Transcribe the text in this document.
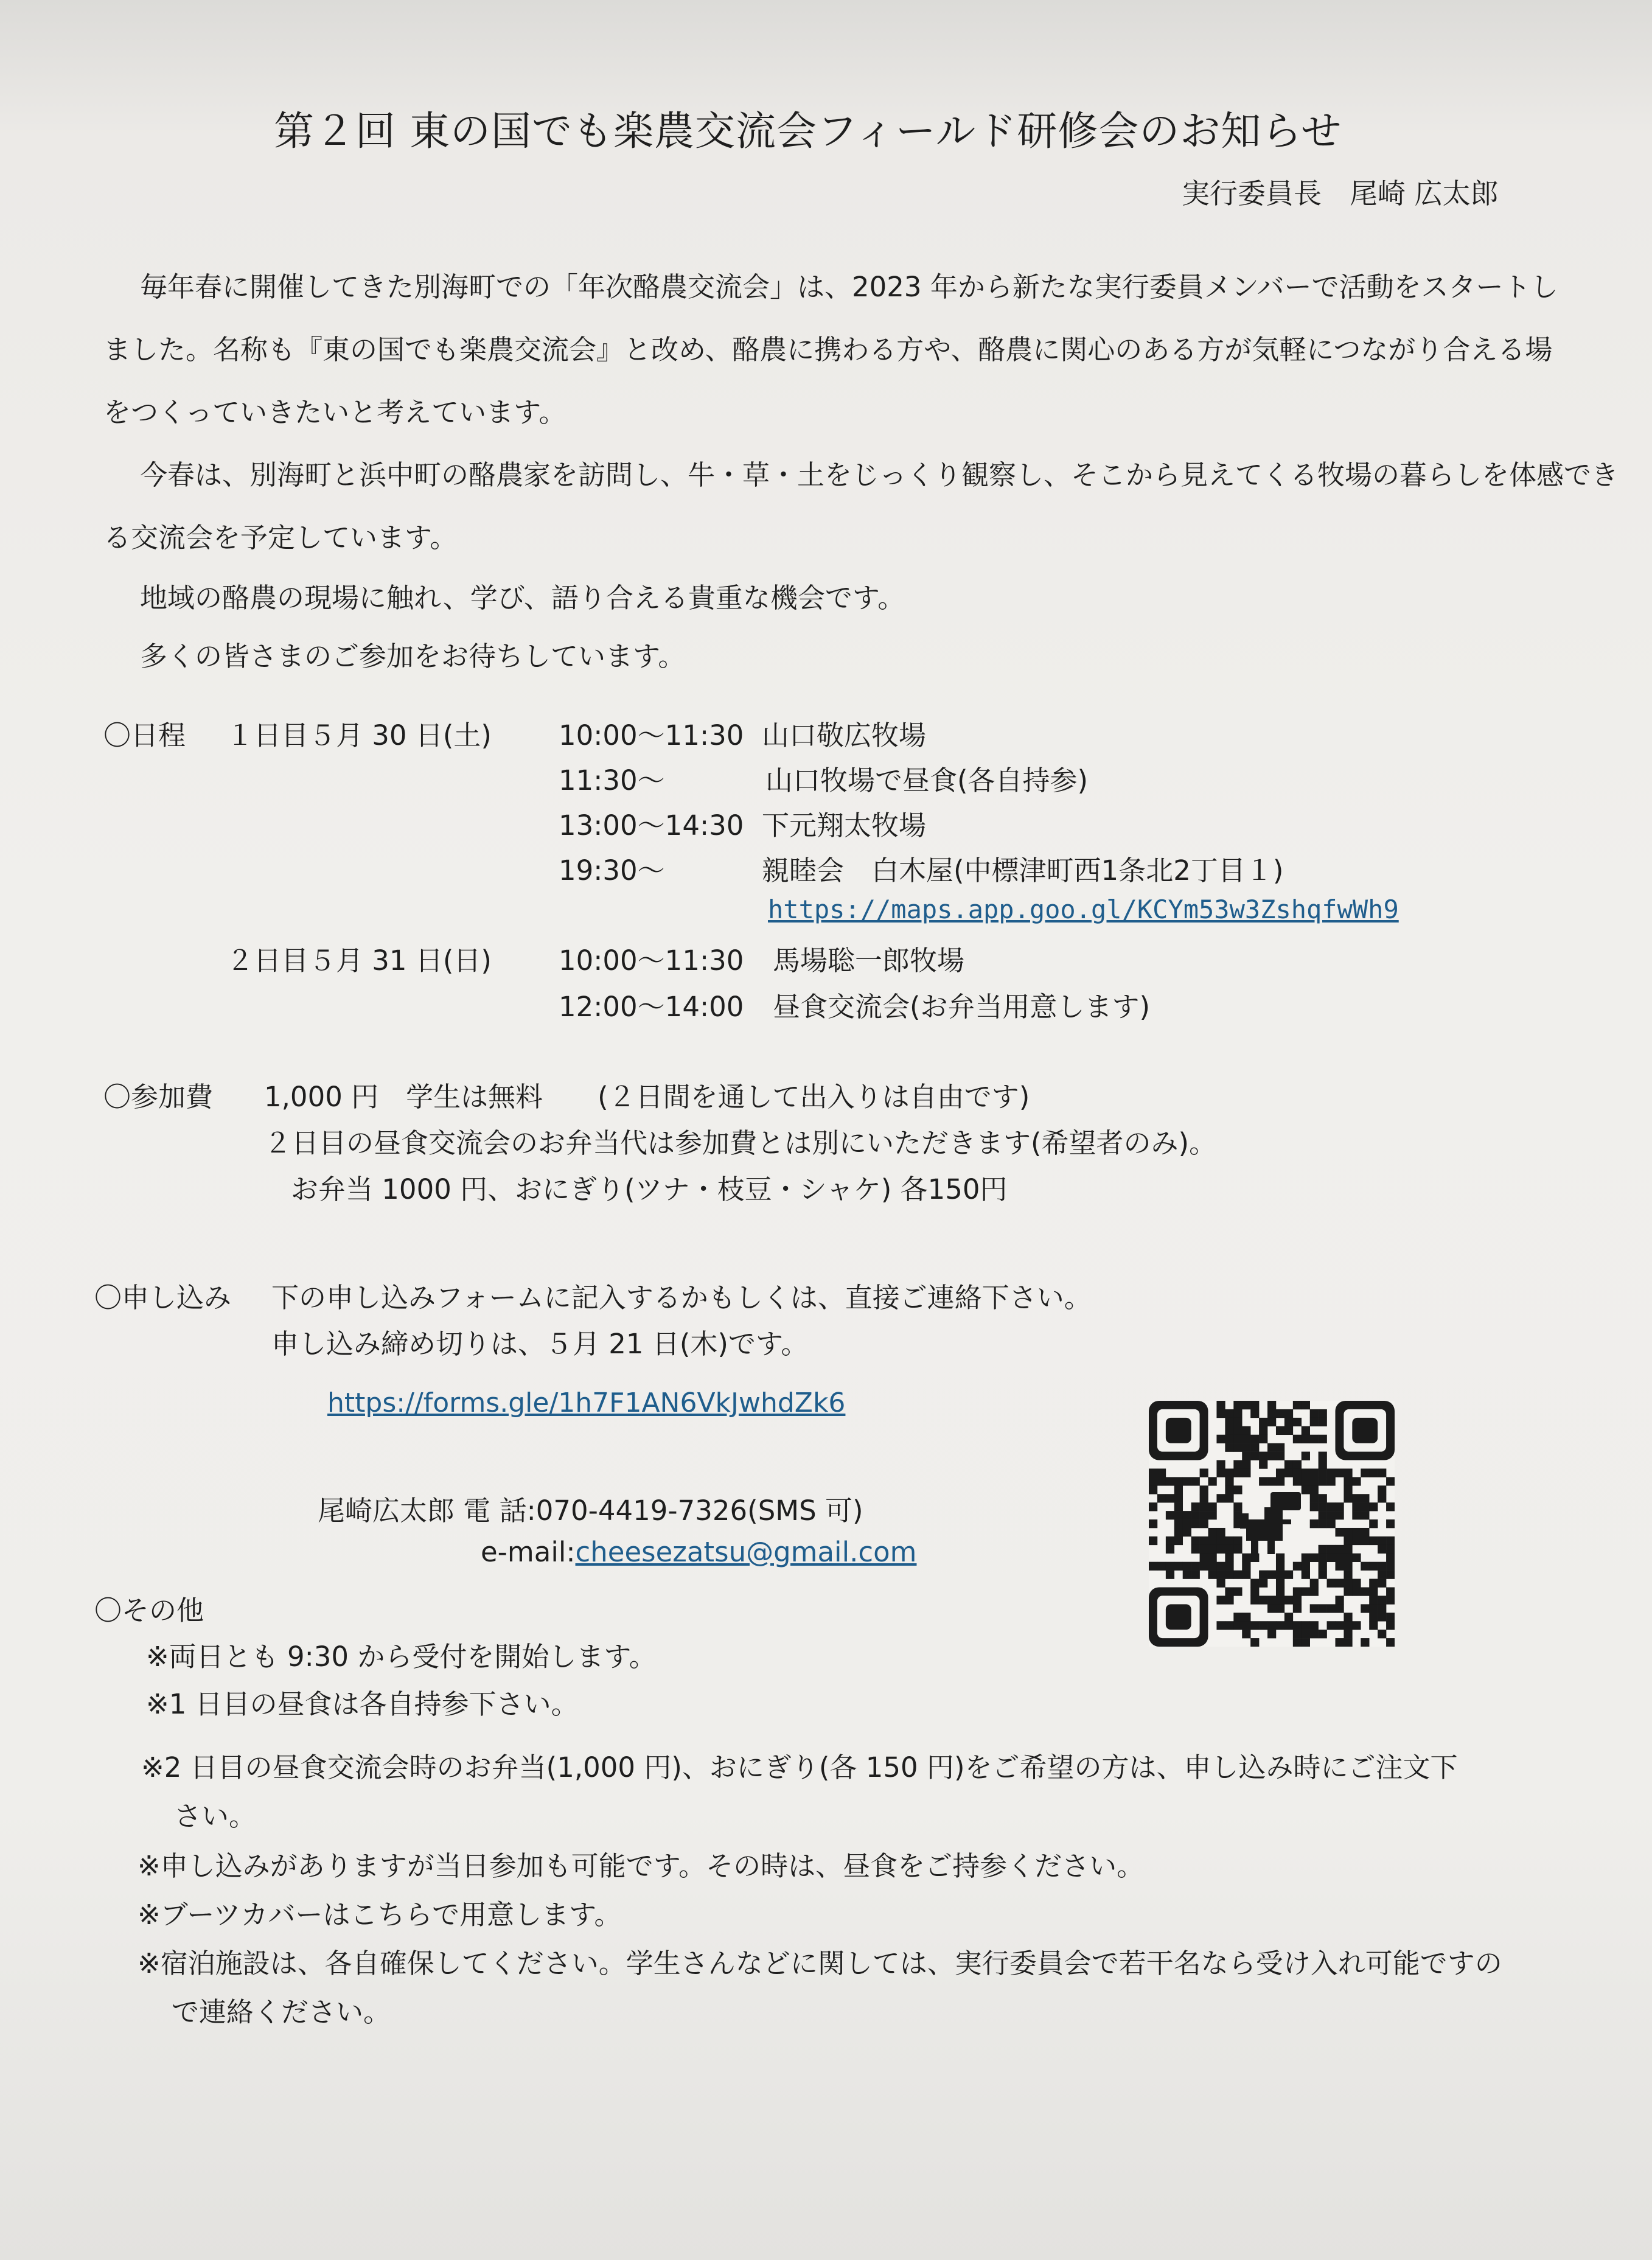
第２回 東の国でも楽農交流会フィールド研修会のお知らせ
実行委員長　尾崎 広太郎
毎年春に開催してきた別海町での「年次酪農交流会」は、2023 年から新たな実行委員メンバーで活動をスタートし
ました。名称も『東の国でも楽農交流会』と改め、酪農に携わる方や、酪農に関心のある方が気軽につながり合える場
をつくっていきたいと考えています。
今春は、別海町と浜中町の酪農家を訪問し、牛・草・土をじっくり観察し、そこから見えてくる牧場の暮らしを体感でき
る交流会を予定しています。
地域の酪農の現場に触れ、学び、語り合える貴重な機会です。
多くの皆さまのご参加をお待ちしています。
〇日程 １日目５月 30 日(土)
２日目５月 31 日(日)
10:00～11:30 山口敬広牧場
11:30～	山口牧場で昼食(各自持参)
13:00～14:30 下元翔太牧場
19:30～	親睦会　白木屋(中標津町西1条北2丁目１)
https://maps.app.goo.gl/KCYm53w3ZshqfwWh9
10:00～11:30 馬場聡一郎牧場
12:00～14:00 昼食交流会(お弁当用意します)
〇参加費 1,000 円　学生は無料　　(２日間を通して出入りは自由です)
２日目の昼食交流会のお弁当代は参加費とは別にいただきます(希望者のみ)。
お弁当 1000 円、おにぎり(ツナ・枝豆・シャケ) 各150円
〇申し込み 下の申し込みフォームに記入するかもしくは、直接ご連絡下さい。
申し込み締め切りは、５月 21 日(木)です。
https://forms.gle/1h7F1AN6VkJwhdZk6
尾崎広太郎 電 話:070-4419-7326(SMS 可)
e-mail:cheesezatsu@gmail.com
〇その他
※両日とも 9:30 から受付を開始します。
※1 日目の昼食は各自持参下さい。
※2 日目の昼食交流会時のお弁当(1,000 円)、おにぎり(各 150 円)をご希望の方は、申し込み時にご注文下
さい。
※申し込みがありますが当日参加も可能です。その時は、昼食をご持参ください。
※ブーツカバーはこちらで用意します。
※宿泊施設は、各自確保してください。学生さんなどに関しては、実行委員会で若干名なら受け入れ可能ですの
で連絡ください。
